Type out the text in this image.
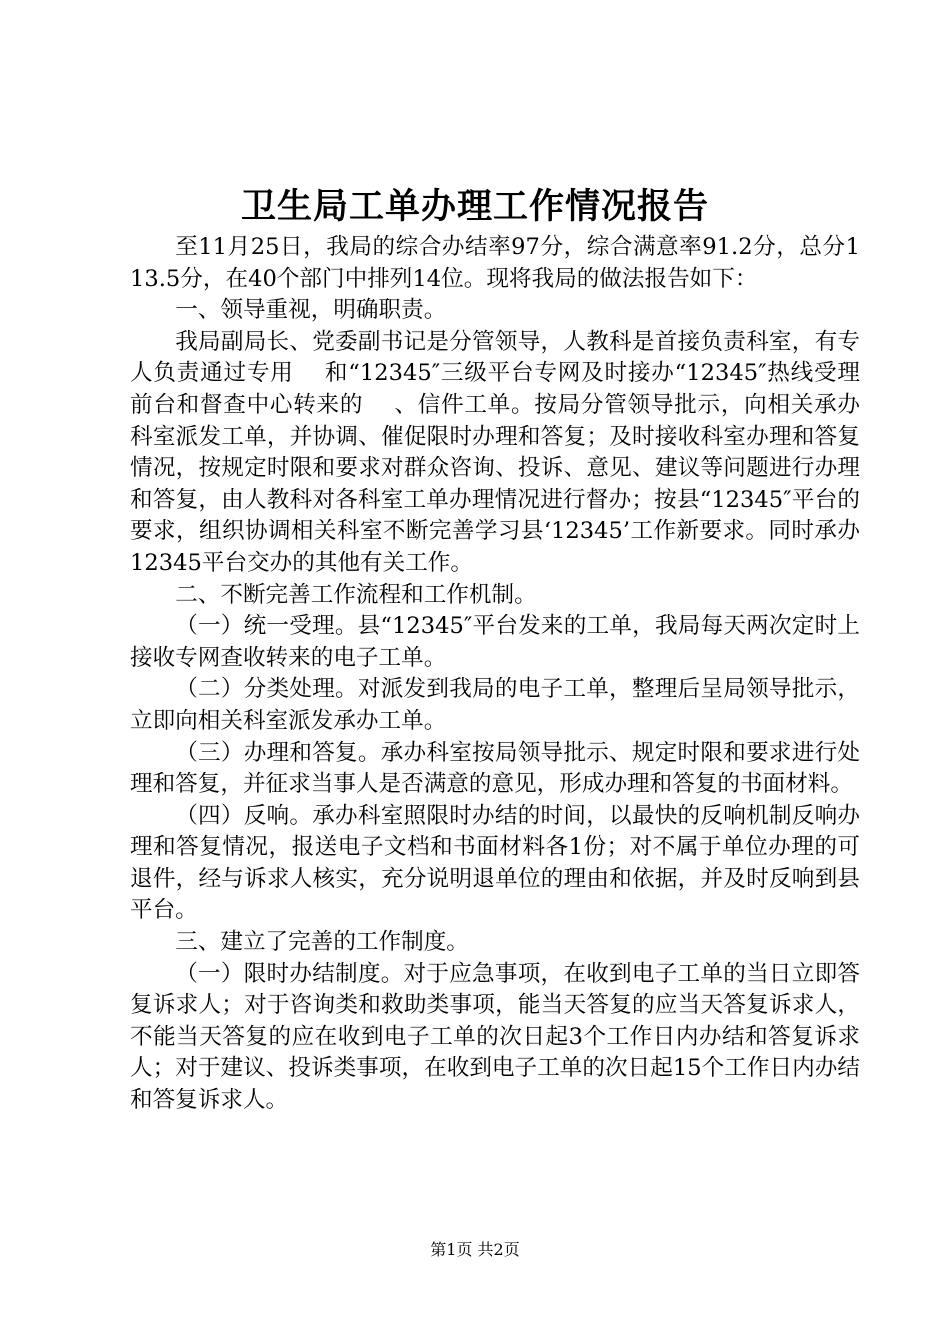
卫生局工单办理工作情况报告

至11月25日，我局的综合办结率97分，综合满意率91.2分，总分113.5分，在40个部门中排列14位。现将我局的做法报告如下：

一、领导重视，明确职责。

我局副局长、党委副书记是分管领导，人教科是首接负责科室，有专人负责通过专用　 和“12345″三级平台专网及时接办“12345″热线受理前台和督查中心转来的　 、信件工单。按局分管领导批示，向相关承办科室派发工单，并协调、催促限时办理和答复；及时接收科室办理和答复情况，按规定时限和要求对群众咨询、投诉、意见、建议等问题进行办理和答复，由人教科对各科室工单办理情况进行督办；按县“12345″平台的要求，组织协调相关科室不断完善学习县‘12345’工作新要求。同时承办12345平台交办的其他有关工作。

二、不断完善工作流程和工作机制。

（一）统一受理。县“12345″平台发来的工单，我局每天两次定时上接收专网查收转来的电子工单。

（二）分类处理。对派发到我局的电子工单，整理后呈局领导批示，立即向相关科室派发承办工单。

（三）办理和答复。承办科室按局领导批示、规定时限和要求进行处理和答复，并征求当事人是否满意的意见，形成办理和答复的书面材料。

（四）反响。承办科室照限时办结的时间，以最快的反响机制反响办理和答复情况，报送电子文档和书面材料各1份；对不属于单位办理的可退件，经与诉求人核实，充分说明退单位的理由和依据，并及时反响到县平台。

三、建立了完善的工作制度。

（一）限时办结制度。对于应急事项，在收到电子工单的当日立即答复诉求人；对于咨询类和救助类事项，能当天答复的应当天答复诉求人，不能当天答复的应在收到电子工单的次日起3个工作日内办结和答复诉求人；对于建议、投诉类事项，在收到电子工单的次日起15个工作日内办结和答复诉求人。

第1页 共2页
